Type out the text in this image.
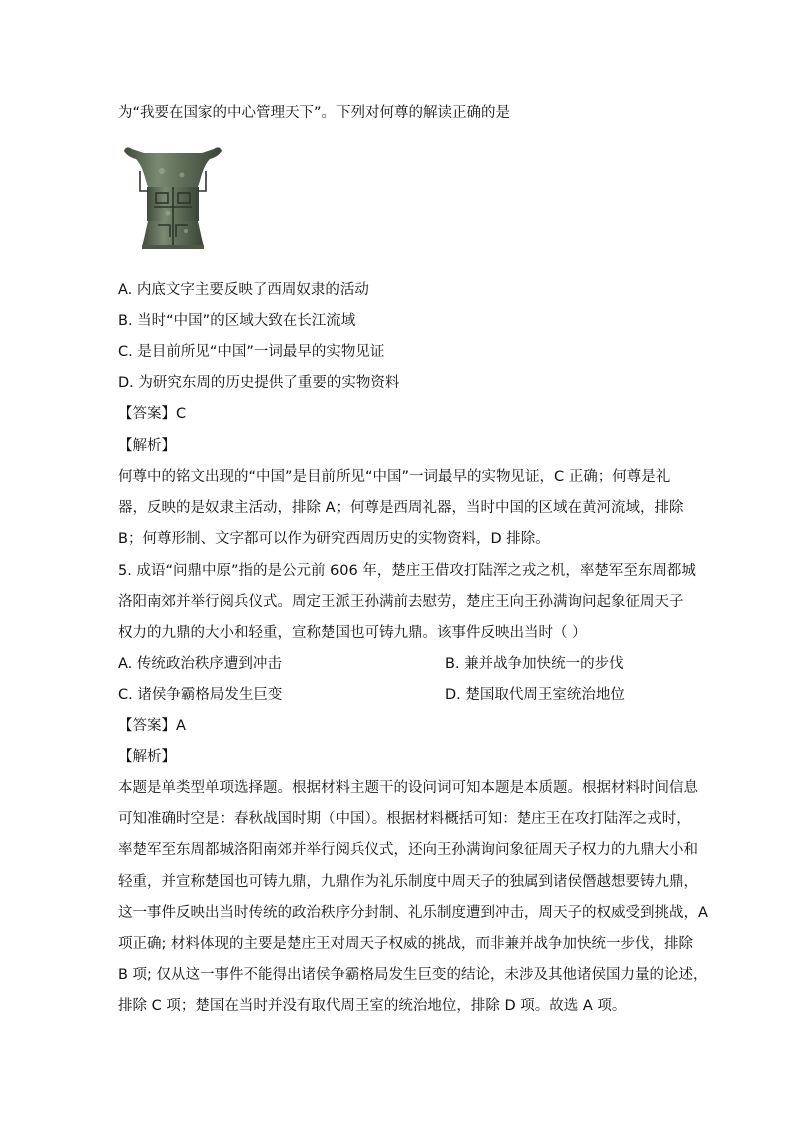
为“我要在国家的中心管理天下”。下列对何尊的解读正确的是
A. 内底文字主要反映了西周奴隶的活动
B. 当时“中国”的区域大致在长江流域
C. 是目前所见“中国”一词最早的实物见证
D. 为研究东周的历史提供了重要的实物资料
【答案】C
【解析】
何尊中的铭文出现的“中国”是目前所见“中国”一词最早的实物见证，C 正确；何尊是礼
器，反映的是奴隶主活动，排除 A；何尊是西周礼器，当时中国的区域在黄河流域，排除
B；何尊形制、文字都可以作为研究西周历史的实物资料，D 排除。
5. 成语“问鼎中原”指的是公元前 606 年，楚庄王借攻打陆浑之戎之机，率楚军至东周都城
洛阳南郊并举行阅兵仪式。周定王派王孙满前去慰劳，楚庄王向王孙满询问起象征周天子
权力的九鼎的大小和轻重，宣称楚国也可铸九鼎。该事件反映出当时（ ）
A. 传统政治秩序遭到冲击	B. 兼并战争加快统一的步伐
C. 诸侯争霸格局发生巨变	D. 楚国取代周王室统治地位
【答案】A
【解析】
本题是单类型单项选择题。根据材料主题干的设问词可知本题是本质题。根据材料时间信息
可知准确时空是：春秋战国时期（中国）。根据材料概括可知：楚庄王在攻打陆浑之戎时，
率楚军至东周都城洛阳南郊并举行阅兵仪式，还向王孙满询问象征周天子权力的九鼎大小和
轻重，并宣称楚国也可铸九鼎，九鼎作为礼乐制度中周天子的独属到诸侯僭越想要铸九鼎，
这一事件反映出当时传统的政治秩序分封制、礼乐制度遭到冲击，周天子的权威受到挑战，A
项正确; 材料体现的主要是楚庄王对周天子权威的挑战，而非兼并战争加快统一步伐，排除
B 项; 仅从这一事件不能得出诸侯争霸格局发生巨变的结论，未涉及其他诸侯国力量的论述，
排除 C 项；楚国在当时并没有取代周王室的统治地位，排除 D 项。故选 A 项。
